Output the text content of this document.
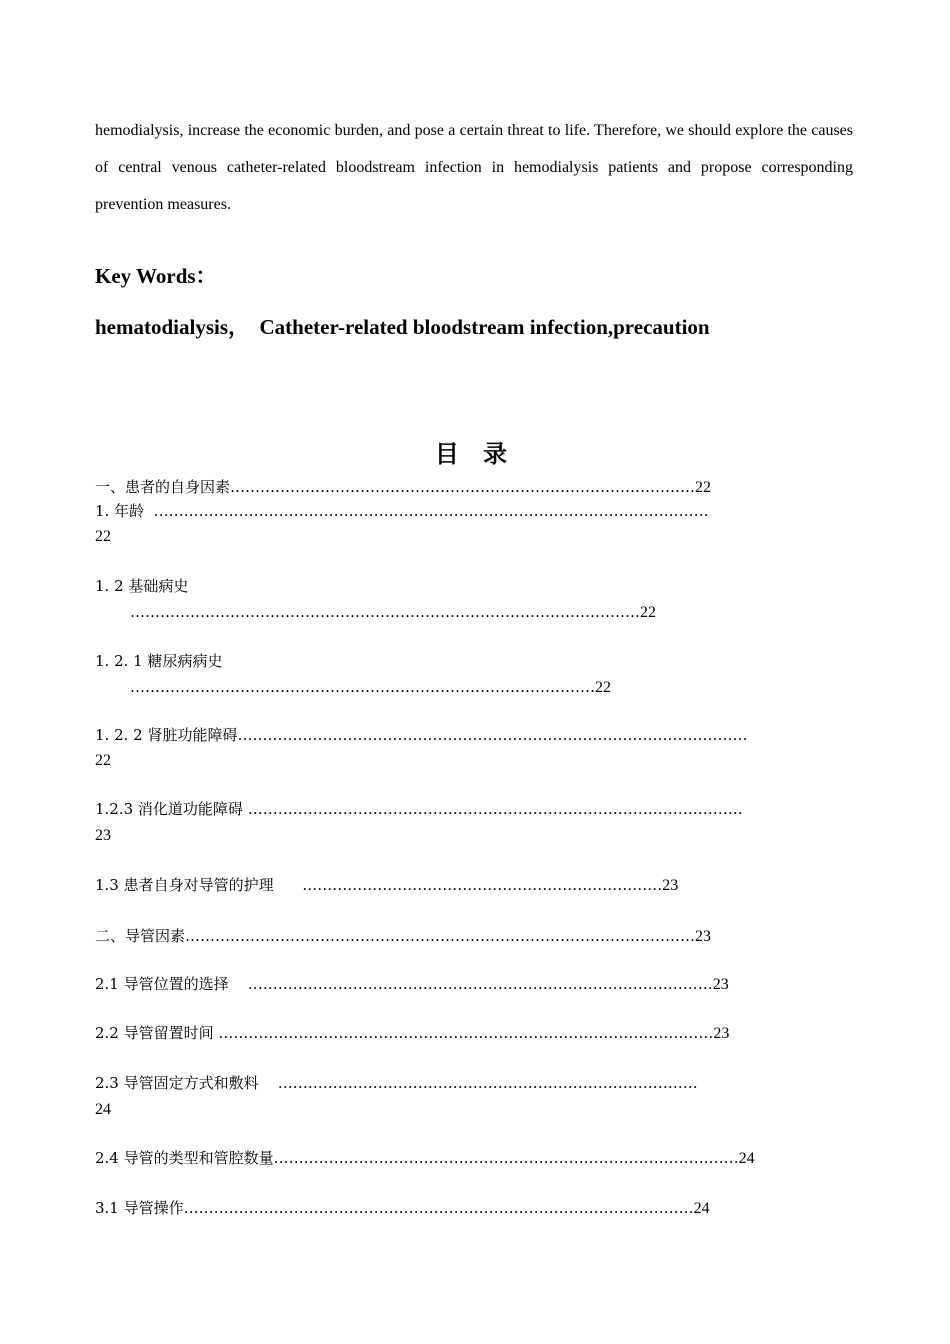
hemodialysis, increase the economic burden, and pose a certain threat to life. Therefore, we should explore the causes of central venous catheter-related bloodstream infection in hemodialysis patients and propose corresponding prevention measures.

Key Words：

hematodialysis，  Catheter-related bloodstream infection,precaution

目 录
一、患者的自身因素…………………………………………………………………………………22
1. 年龄  …………………………………………………………………………………………………
22
1. 2 基础病史
…………………………………………………………………………………………22
1. 2. 1 糖尿病病史
…………………………………………………………………………………22
1. 2. 2 肾脏功能障碍…………………………………………………………………………………………
22
1.2.3 消化道功能障碍 ………………………………………………………………………………………
23
1.3 患者自身对导管的护理      ………………………………………………………………23
二、导管因素…………………………………………………………………………………………23
2.1 导管位置的选择    …………………………………………………………………………………23
2.2 导管留置时间 ………………………………………………………………………………………23
2.3 导管固定方式和敷料    …………………………………………………………………………
24
2.4 导管的类型和管腔数量…………………………………………………………………………………24
3.1 导管操作…………………………………………………………………………………………24
